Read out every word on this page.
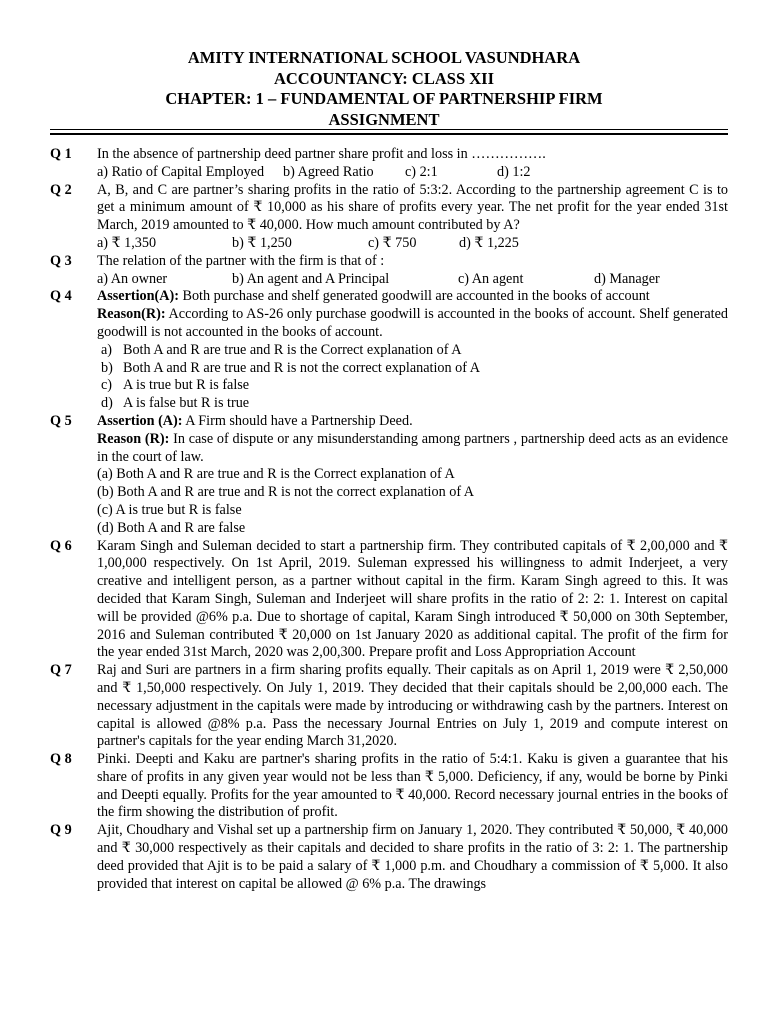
AMITY INTERNATIONAL SCHOOL VASUNDHARA
ACCOUNTANCY: CLASS XII
CHAPTER: 1 – FUNDAMENTAL OF PARTNERSHIP FIRM
ASSIGNMENT
Q 1	In the absence of partnership deed partner share profit and loss in …………….
a) Ratio of Capital Employed	b) Agreed Ratio	c) 2:1	d) 1:2
Q 2	A, B, and C are partner’s sharing profits in the ratio of 5:3:2. According to the partnership agreement C is to get a minimum amount of ₹ 10,000 as his share of profits every year. The net profit for the year ended 31st March, 2019 amounted to ₹ 40,000. How much amount contributed by A?
a) ₹ 1,350	b) ₹ 1,250	c) ₹ 750	d) ₹ 1,225
Q 3	The relation of the partner with the firm is that of :
a) An owner	b) An agent and A Principal	c) An agent	d) Manager
Q 4	Assertion(A): Both purchase and shelf generated goodwill are accounted in the books of account
Reason(R): According to AS-26 only purchase goodwill is accounted in the books of account. Shelf generated goodwill is not accounted in the books of account.
a) Both A and R are true and R is the Correct explanation of A
b) Both A and R are true and R is not the correct explanation of A
c) A is true but R is false
d) A is false but R is true
Q 5	Assertion (A): A Firm should have a Partnership Deed.
Reason (R): In case of dispute or any misunderstanding among partners , partnership deed acts as an evidence in the court of law.
(a) Both A and R are true and R is the Correct explanation of A
(b) Both A and R are true and R is not the correct explanation of A
(c) A is true but R is false
(d) Both A and R are false
Q 6	Karam Singh and Suleman decided to start a partnership firm. They contributed capitals of ₹ 2,00,000 and ₹ 1,00,000 respectively. On 1st April, 2019. Suleman expressed his willingness to admit Inderjeet, a very creative and intelligent person, as a partner without capital in the firm. Karam Singh agreed to this. It was decided that Karam Singh, Suleman and Inderjeet will share profits in the ratio of 2: 2: 1. Interest on capital will be provided @6% p.a. Due to shortage of capital, Karam Singh introduced ₹ 50,000 on 30th September, 2016 and Suleman contributed ₹ 20,000 on 1st January 2020 as additional capital. The profit of the firm for the year ended 31st March, 2020 was 2,00,300. Prepare profit and Loss Appropriation Account
Q 7	Raj and Suri are partners in a firm sharing profits equally. Their capitals as on April 1, 2019 were ₹ 2,50,000 and ₹ 1,50,000 respectively. On July 1, 2019. They decided that their capitals should be 2,00,000 each. The necessary adjustment in the capitals were made by introducing or withdrawing cash by the partners. Interest on capital is allowed @8% p.a. Pass the necessary Journal Entries on July 1, 2019 and compute interest on partner's capitals for the year ending March 31,2020.
Q 8	Pinki. Deepti and Kaku are partner's sharing profits in the ratio of 5:4:1. Kaku is given a guarantee that his share of profits in any given year would not be less than ₹ 5,000. Deficiency, if any, would be borne by Pinki and Deepti equally. Profits for the year amounted to ₹ 40,000. Record necessary journal entries in the books of the firm showing the distribution of profit.
Q 9	Ajit, Choudhary and Vishal set up a partnership firm on January 1, 2020. They contributed ₹ 50,000, ₹ 40,000 and ₹ 30,000 respectively as their capitals and decided to share profits in the ratio of 3: 2: 1. The partnership deed provided that Ajit is to be paid a salary of ₹ 1,000 p.m. and Choudhary a commission of ₹ 5,000. It also provided that interest on capital be allowed @ 6% p.a. The drawings
